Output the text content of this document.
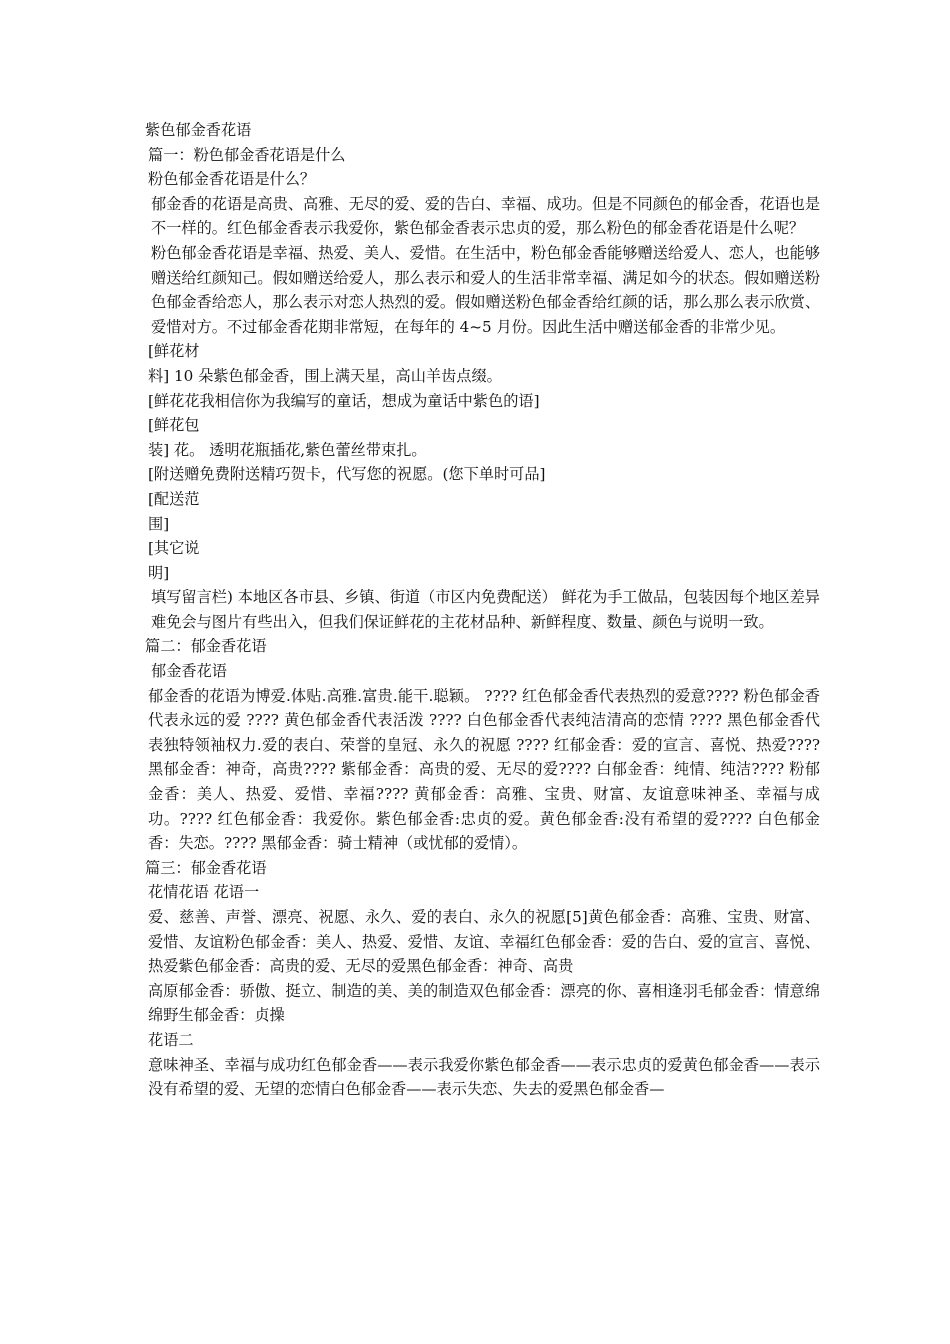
紫色郁金香花语

篇一：粉色郁金香花语是什么

粉色郁金香花语是什么？

郁金香的花语是高贵、高雅、无尽的爱、爱的告白、幸福、成功。但是不同颜色的郁金香，花语也是不一样的。红色郁金香表示我爱你，紫色郁金香表示忠贞的爱，那么粉色的郁金香花语是什么呢？

粉色郁金香花语是幸福、热爱、美人、爱惜。在生活中，粉色郁金香能够赠送给爱人、恋人，也能够赠送给红颜知己。假如赠送给爱人，那么表示和爱人的生活非常幸福、满足如今的状态。假如赠送粉色郁金香给恋人，那么表示对恋人热烈的爱。假如赠送粉色郁金香给红颜的话，那么那么表示欣赏、爱惜对方。不过郁金香花期非常短，在每年的 4~5 月份。因此生活中赠送郁金香的非常少见。

[鲜花材

料] 10 朵紫色郁金香，围上满天星，高山羊齿点缀。

[鲜花花我相信你为我编写的童话，想成为童话中紫色的语]

[鲜花包

装] 花。 透明花瓶插花,紫色蕾丝带束扎。

[附送赠免费附送精巧贺卡，代写您的祝愿。(您下单时可品]

[配送范

围]

[其它说

明]

填写留言栏) 本地区各市县、乡镇、街道（市区内免费配送） 鲜花为手工做品，包装因每个地区差异难免会与图片有些出入，但我们保证鲜花的主花材品种、新鲜程度、数量、颜色与说明一致。

篇二：郁金香花语

郁金香花语

郁金香的花语为博爱.体贴.高雅.富贵.能干.聪颖。 ???? 红色郁金香代表热烈的爱意???? 粉色郁金香代表永远的爱 ???? 黄色郁金香代表活泼 ???? 白色郁金香代表纯洁清高的恋情 ???? 黑色郁金香代表独特领袖权力.爱的表白、荣誉的皇冠、永久的祝愿 ???? 红郁金香：爱的宣言、喜悦、热爱???? 黑郁金香：神奇，高贵???? 紫郁金香：高贵的爱、无尽的爱???? 白郁金香：纯情、纯洁???? 粉郁金香：美人、热爱、爱惜、幸福???? 黄郁金香：高雅、宝贵、财富、友谊意味神圣、幸福与成功。???? 红色郁金香：我爱你。紫色郁金香:忠贞的爱。黄色郁金香:没有希望的爱???? 白色郁金香：失恋。???? 黑郁金香：骑士精神（或忧郁的爱情）。

篇三：郁金香花语

花情花语 花语一

爱、慈善、声誉、漂亮、祝愿、永久、爱的表白、永久的祝愿[5]黄色郁金香：高雅、宝贵、财富、爱惜、友谊粉色郁金香：美人、热爱、爱惜、友谊、幸福红色郁金香：爱的告白、爱的宣言、喜悦、热爱紫色郁金香：高贵的爱、无尽的爱黑色郁金香：神奇、高贵

高原郁金香：骄傲、挺立、制造的美、美的制造双色郁金香：漂亮的你、喜相逢羽毛郁金香：情意绵绵野生郁金香：贞操

花语二

意味神圣、幸福与成功红色郁金香——表示我爱你紫色郁金香——表示忠贞的爱黄色郁金香——表示没有希望的爱、无望的恋情白色郁金香——表示失恋、失去的爱黑色郁金香—
